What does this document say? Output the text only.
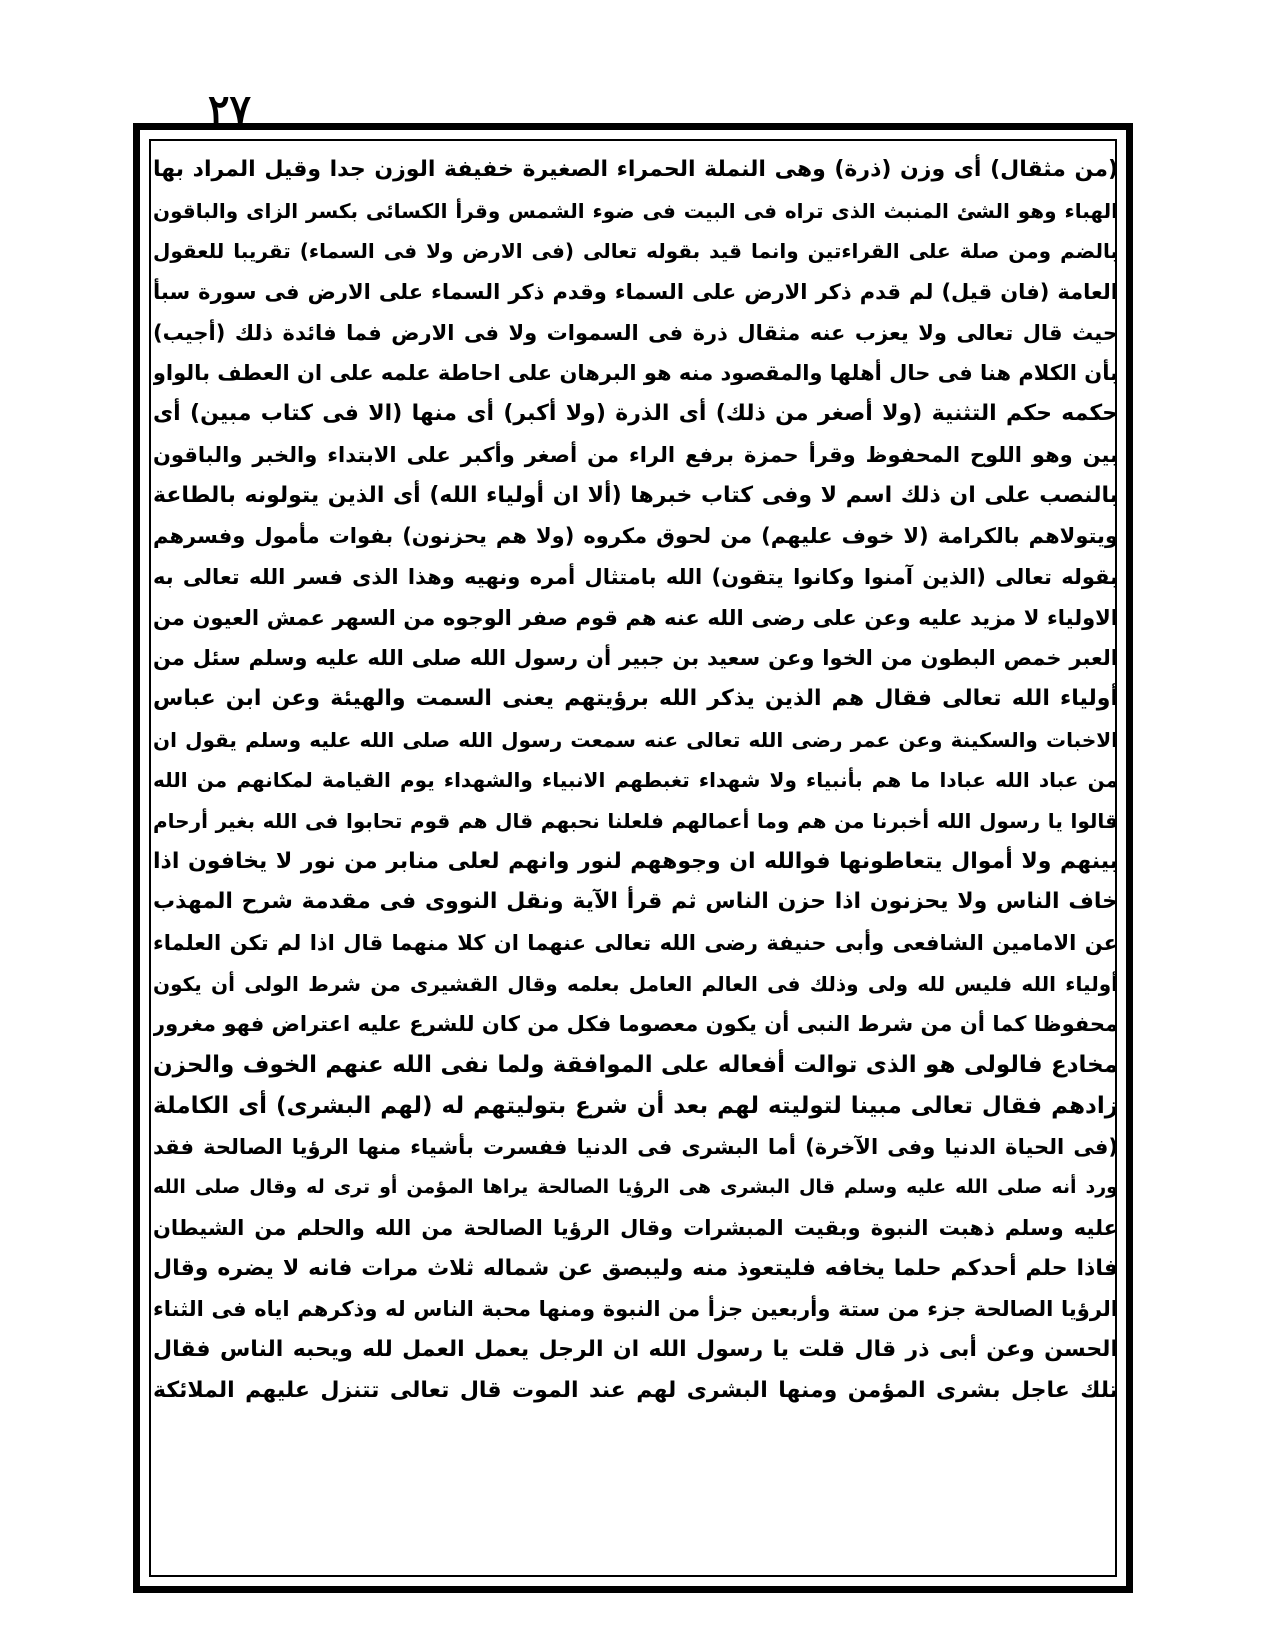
٢٧
(من مثقال) أى وزن (ذرة) وهى النملة الحمراء الصغيرة خفيفة الوزن جدا وقيل المراد بها
الهباء وهو الشئ المنبث الذى تراه فى البيت فى ضوء الشمس وقرأ الكسائى بكسر الزاى والباقون
بالضم ومن صلة على القراءتين وانما قيد بقوله تعالى (فى الارض ولا فى السماء) تقريبا للعقول
العامة (فان قيل) لم قدم ذكر الارض على السماء وقدم ذكر السماء على الارض فى سورة سبأ
حيث قال تعالى ولا يعزب عنه مثقال ذرة فى السموات ولا فى الارض فما فائدة ذلك (أجيب)
بأن الكلام هنا فى حال أهلها والمقصود منه هو البرهان على احاطة علمه على ان العطف بالواو
حكمه حكم التثنية (ولا أصغر من ذلك) أى الذرة (ولا أكبر) أى منها (الا فى كتاب مبين) أى
بين وهو اللوح المحفوظ وقرأ حمزة برفع الراء من أصغر وأكبر على الابتداء والخبر والباقون
بالنصب على ان ذلك اسم لا وفى كتاب خبرها (ألا ان أولياء الله) أى الذين يتولونه بالطاعة
ويتولاهم بالكرامة (لا خوف عليهم) من لحوق مكروه (ولا هم يحزنون) بفوات مأمول وفسرهم
بقوله تعالى (الذين آمنوا وكانوا يتقون) الله بامتثال أمره ونهيه وهذا الذى فسر الله تعالى به
الاولياء لا مزيد عليه وعن على رضى الله عنه هم قوم صفر الوجوه من السهر عمش العيون من
العبر خمص البطون من الخوا وعن سعيد بن جبير أن رسول الله صلى الله عليه وسلم سئل من
أولياء الله تعالى فقال هم الذين يذكر الله برؤيتهم يعنى السمت والهيئة وعن ابن عباس
الاخبات والسكينة وعن عمر رضى الله تعالى عنه سمعت رسول الله صلى الله عليه وسلم يقول ان
من عباد الله عبادا ما هم بأنبياء ولا شهداء تغبطهم الانبياء والشهداء يوم القيامة لمكانهم من الله
قالوا يا رسول الله أخبرنا من هم وما أعمالهم فلعلنا نحبهم قال هم قوم تحابوا فى الله بغير أرحام
بينهم ولا أموال يتعاطونها فوالله ان وجوههم لنور وانهم لعلى منابر من نور لا يخافون اذا
خاف الناس ولا يحزنون اذا حزن الناس ثم قرأ الآية ونقل النووى فى مقدمة شرح المهذب
عن الامامين الشافعى وأبى حنيفة رضى الله تعالى عنهما ان كلا منهما قال اذا لم تكن العلماء
أولياء الله فليس لله ولى وذلك فى العالم العامل بعلمه وقال القشيرى من شرط الولى أن يكون
محفوظا كما أن من شرط النبى أن يكون معصوما فكل من كان للشرع عليه اعتراض فهو مغرور
مخادع فالولى هو الذى توالت أفعاله على الموافقة ولما نفى الله عنهم الخوف والحزن
زادهم فقال تعالى مبينا لتوليته لهم بعد أن شرع بتوليتهم له (لهم البشرى) أى الكاملة
(فى الحياة الدنيا وفى الآخرة) أما البشرى فى الدنيا ففسرت بأشياء منها الرؤيا الصالحة فقد
ورد أنه صلى الله عليه وسلم قال البشرى هى الرؤيا الصالحة يراها المؤمن أو ترى له وقال صلى الله
عليه وسلم ذهبت النبوة وبقيت المبشرات وقال الرؤيا الصالحة من الله والحلم من الشيطان
فاذا حلم أحدكم حلما يخافه فليتعوذ منه وليبصق عن شماله ثلاث مرات فانه لا يضره وقال
الرؤيا الصالحة جزء من ستة وأربعين جزأ من النبوة ومنها محبة الناس له وذكرهم اياه فى الثناء
الحسن وعن أبى ذر قال قلت يا رسول الله ان الرجل يعمل العمل لله ويحبه الناس فقال
تلك عاجل بشرى المؤمن ومنها البشرى لهم عند الموت قال تعالى تتنزل عليهم الملائكة
